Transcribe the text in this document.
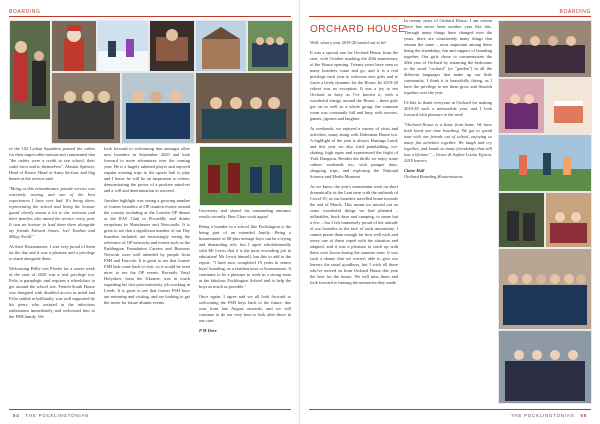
BOARDING

of the 102 Lydian Squadron praised the cadets for their impeccable turnout and commented that "the cadets were a credit to our school, their cadet force and to themselves". Alastair Spencer, Head of House, Head of Army Section, and flag bearer at the service said:

"Being at this remembrance parade service was extremely moving and one of the best experiences I have ever had. It's being there, representing the school and being the honour guard clearly meant a lot to the veterans and their families who attend the service every year. It was an honour to lead them there alongside my friends Edward James, Joel Tomlins and Mikey Nevill."

As their Housemaster, I was very proud of them on the day and it was a pleasure and a privilege to stand alongside them.

Welcoming Pellie von Pfoebe for a career week at the start of 2020 was a real privilege too. Felix is paraplegic and requires a wheelchair to get around the school site. French-South House was designed with disabled access in mind and Felix settled in brilliantly, was well supported by his peers who assisted in the infectious enthusiasm immediately and welcomed him to the FSH family. We

look forward to welcoming him amongst other new boarders in September 2020 and look forward to more adventures over the coming year. He is a hugely talented player and enjoyed regular evening trips to the sports hall to play and I know he will be an inspiration to others, demonstrating the power of a positive mind-set and a will and determination to succeed.

Another highlight was seeing a growing number of former boarders at OP reunion events around the country including at the London OP dinner at the RAF Club in Piccadilly and drinks receptions in Manchester and Newcastle. It is great to see that a significant number of our Day boarders included, are increasingly seeing the relevance of OP networks and events such as the Paddington Foundation Careers and Business Network were well attended by people from FSH and Faircote. It is great to see that former FSH lads come back to visit, so it would be even nicer to see the OP events. Recently Vasyl Holyakov, from the Ukraine, was in touch regarding his first post-university job working in Leeds: It is great to see that former FSH boys are returning and visiting, and are looking to get the invite for future alumni events.

University and shared his outstanding entrance results recently. Fine Class work again!

Being a boarder in a school like Pocklington is the being part of an extended family. Being a housemaster of 60-plus teenage boys can be a trying and demanding role, but I agree wholeheartedly with Mr Lewis that it is the most rewarding job in education! Mr Lewis himself, has this to add to the report: "I have now completed 19 years in senior boys' boarding, as a resident tutor or housemaster. It continues to be a pleasure to work in a strong team at the fabulous Pocklington School and to help the boys as much as possible."

Once again, I agree and we all look forward to welcoming the FSH boys back to the future, this year from late August onwards, and we will continue to do our very best to look after those in our care.

P M Dore

54 THE POCKLINGTONIAN
BOARDING
ORCHARD HOUSE

Well, what a year 2019-20 turned out to be!

It was a special one for Orchard House from the start, with October marking the 20th anniversary of the House opening. Twenty years have seen so many boarders come and go, and it is a real privilege each year to welcome new girls and to foster a lively dynamic for the House. Its 2019-20 cohort was no exception. It was a joy to see Orchard as busy as I've known it, with a wonderful energy around the House – these girls got on so well as a whole group, the common room was constantly full and busy with movies, games, jigsaws and laughter.

At weekends, we enjoyed a variety of visits and activities, many along with Dalesman House too. A highlight of the year is always Hastings Laird, and this year we also tried paintballing, ice-skating, high ropes and experienced the fright of York Dungeon. Besides the thrills we enjoy some calmer weekends too, with pamper days, shopping trips, and exploring the National Science and Media Museum.

As we know, the year's momentum went on short dramatically in the Lent term with the outbreak of Covid-19, as our boarders travelled home towards the end of March. This meant we missed out on some wonderful things we had planned – inflatables, book days and camping, to name but a few – but I felt immensely proud of the attitude of our boarders in the face of such uncertainty. I cannot praise them enough for how well each and every one of them coped with the situation and adapted, and it was a pleasure to catch up with them over Zoom during the summer term. It was such a shame that we weren't able to give our leavers the usual goodbyes, but I wish all those who've moved on from Orchard House this year the best for the future. We will miss them and look forward to hearing the memories they made.

In twenty years of Orchard House, I am certain there has never been another year like this. Through many things have changed over the years, there are consistently many things that remain the same – most important among these being the friendship, fun and support of boarding together. Our girls chose to commemorate the 20th year of Orchard by renaming the bedrooms to the word "orchard" (or "garden") in all the different languages that make up our little community. I think it is beautifully fitting, as I have the privilege to see them grow and flourish together over the year.

I'd like to thank everyone in Orchard for making 2019-20 such a memorable year, and I look forward with pleasure to the next!

"Orchard House is a home from home. We have both loved our time boarding. We got to spend time with our friends out of school, enjoying so many fun activities together. We laugh and cry together, and bonds so many friendships that will last a lifetime." – Grace & Sophie Louise Egwon, 2019 leavers

Claire Hall

Orchard Boarding Housemistress

THE POCKLINGTONIAN 55
